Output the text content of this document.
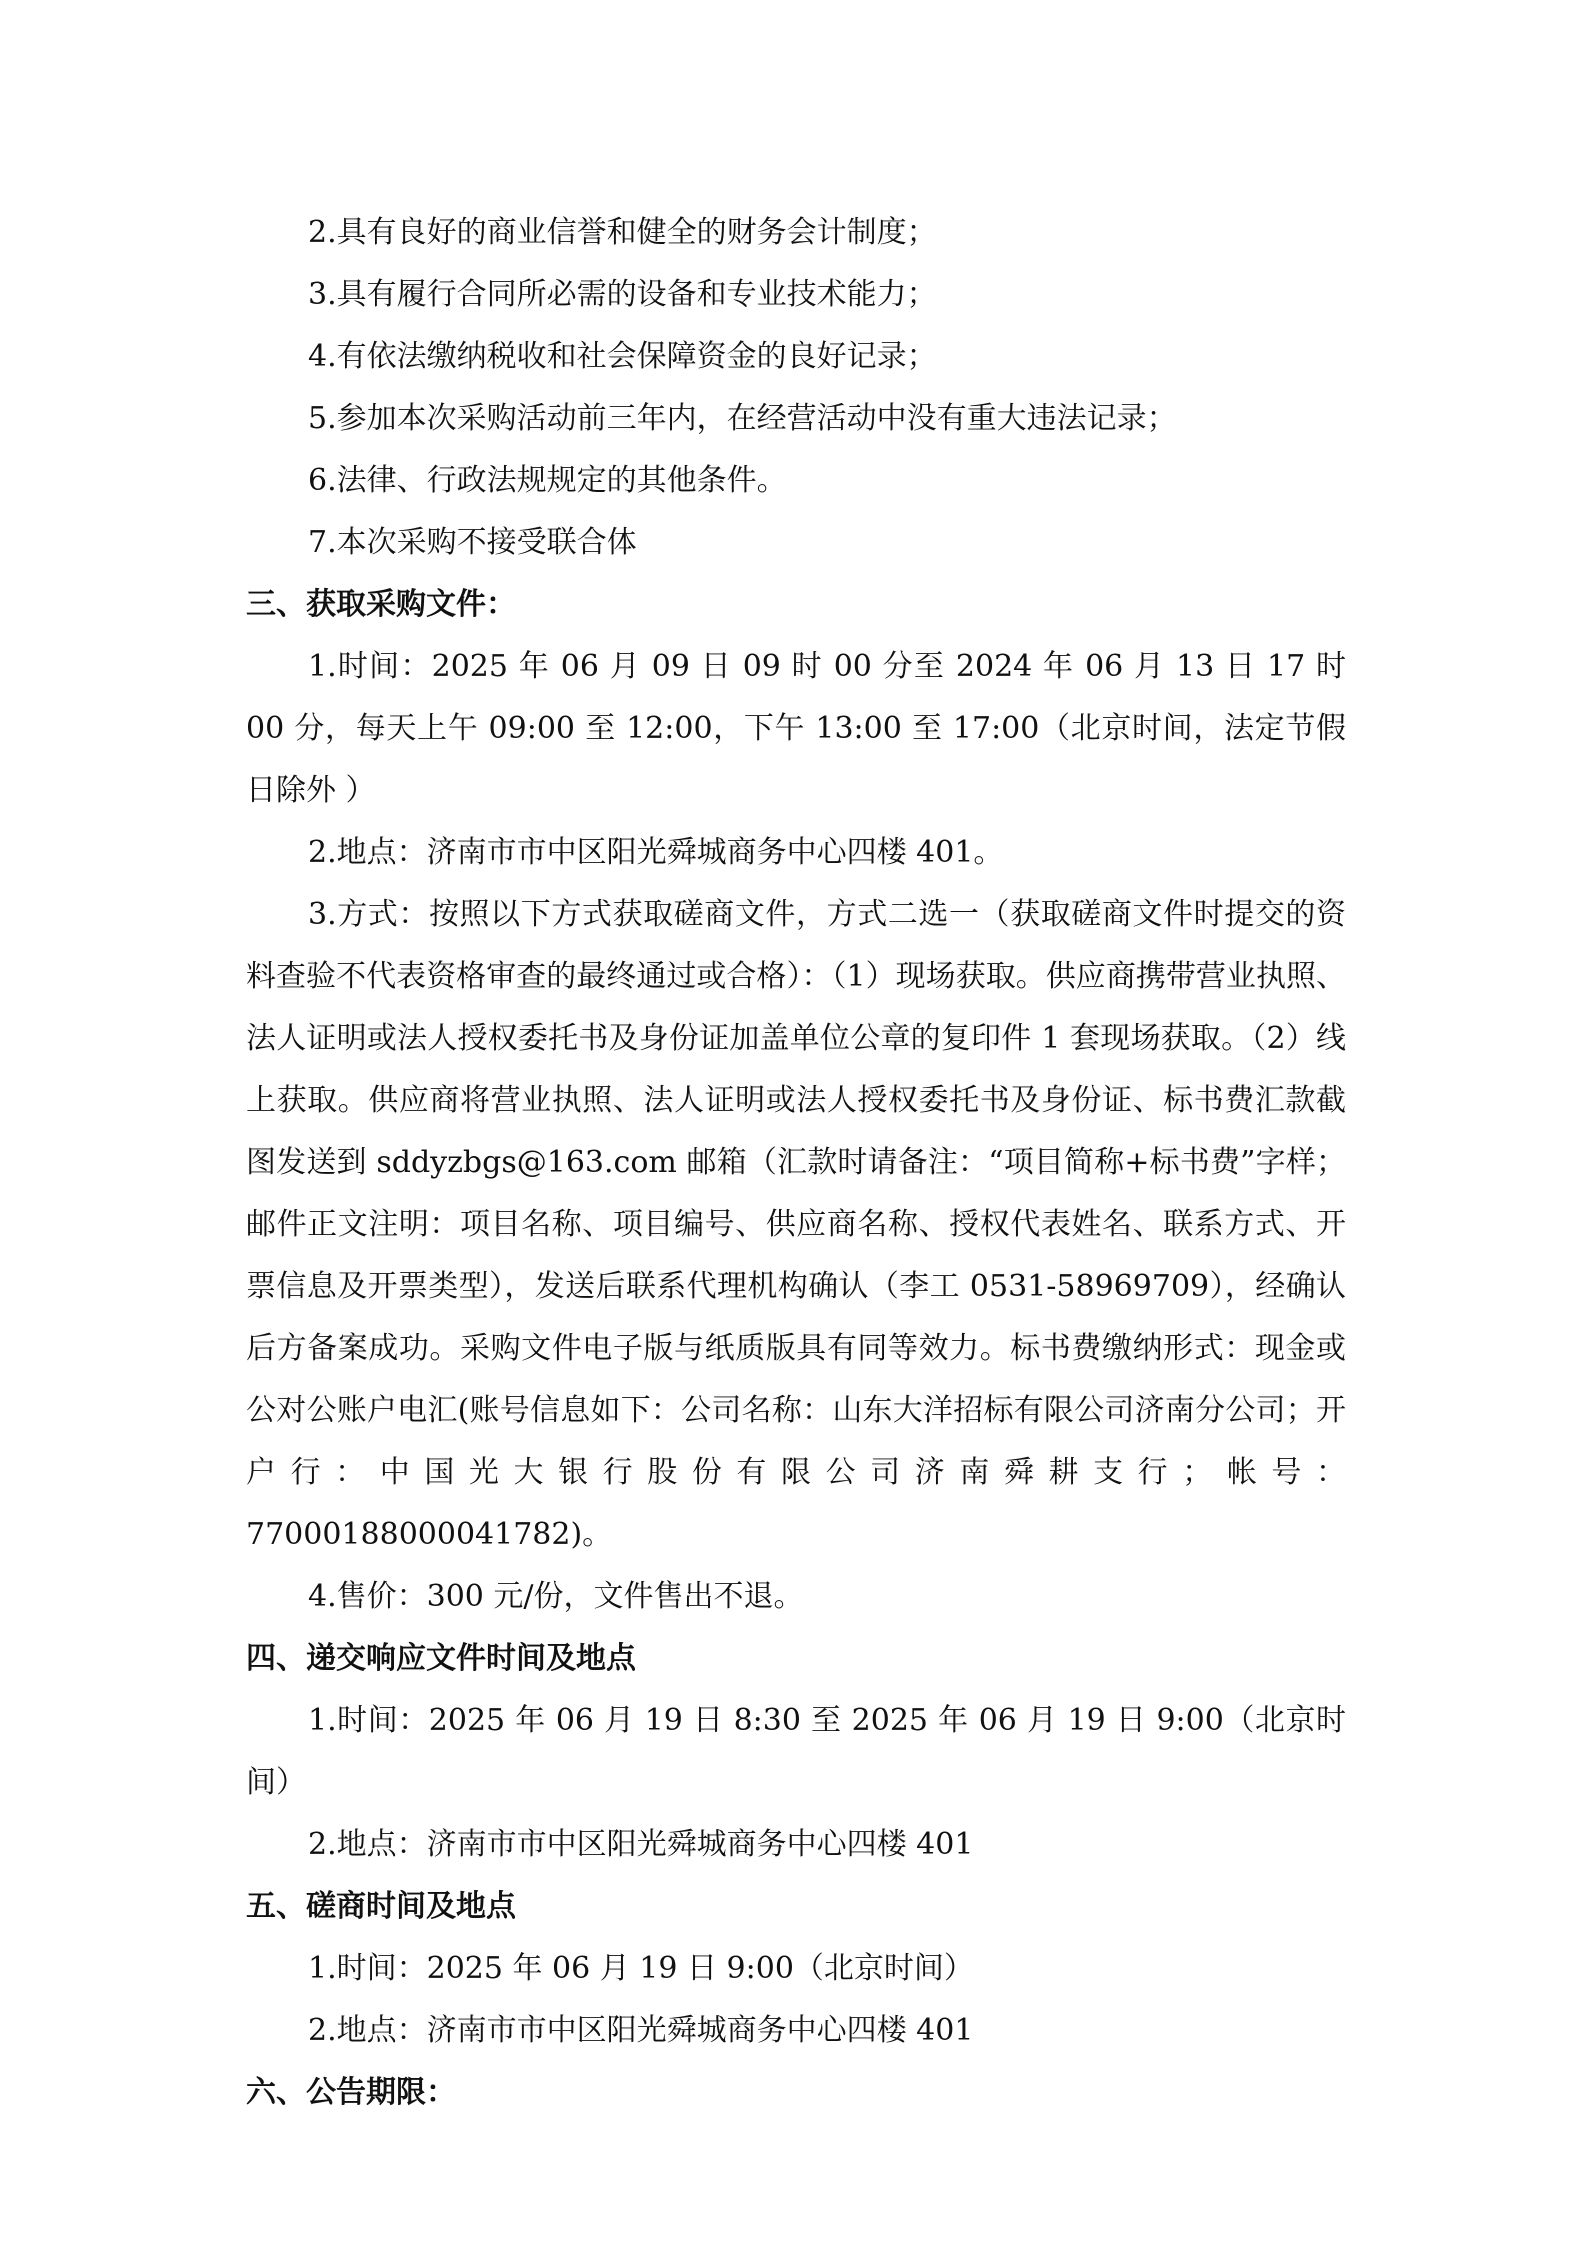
2.具有良好的商业信誉和健全的财务会计制度；

3.具有履行合同所必需的设备和专业技术能力；

4.有依法缴纳税收和社会保障资金的良好记录；

5.参加本次采购活动前三年内，在经营活动中没有重大违法记录；

6.法律、行政法规规定的其他条件。

7.本次采购不接受联合体

三、获取采购文件：

1.时间：2025 年 06 月 09 日 09 时 00 分至 2024 年 06 月 13 日 17 时 00 分，每天上午 09:00 至 12:00，下午 13:00 至 17:00（北京时间，法定节假日除外 ）

2.地点：济南市市中区阳光舜城商务中心四楼 401。

3.方式：按照以下方式获取磋商文件，方式二选一（获取磋商文件时提交的资料查验不代表资格审查的最终通过或合格）：（1）现场获取。供应商携带营业执照、法人证明或法人授权委托书及身份证加盖单位公章的复印件 1 套现场获取。（2）线上获取。供应商将营业执照、法人证明或法人授权委托书及身份证、标书费汇款截图发送到 sddyzbgs@163.com 邮箱（汇款时请备注：“项目简称+标书费”字样；邮件正文注明：项目名称、项目编号、供应商名称、授权代表姓名、联系方式、开票信息及开票类型），发送后联系代理机构确认（李工 0531-58969709），经确认后方备案成功。采购文件电子版与纸质版具有同等效力。标书费缴纳形式：现金或公对公账户电汇(账号信息如下：公司名称：山东大洋招标有限公司济南分公司；开户行：中国光大银行股份有限公司济南舜耕支行；帐号：77000188000041782)。

4.售价：300 元/份，文件售出不退。

四、递交响应文件时间及地点

1.时间：2025 年 06 月 19 日 8:30 至 2025 年 06 月 19 日 9:00（北京时间）

2.地点：济南市市中区阳光舜城商务中心四楼 401

五、磋商时间及地点

1.时间：2025 年 06 月 19 日 9:00（北京时间）

2.地点：济南市市中区阳光舜城商务中心四楼 401

六、公告期限：
